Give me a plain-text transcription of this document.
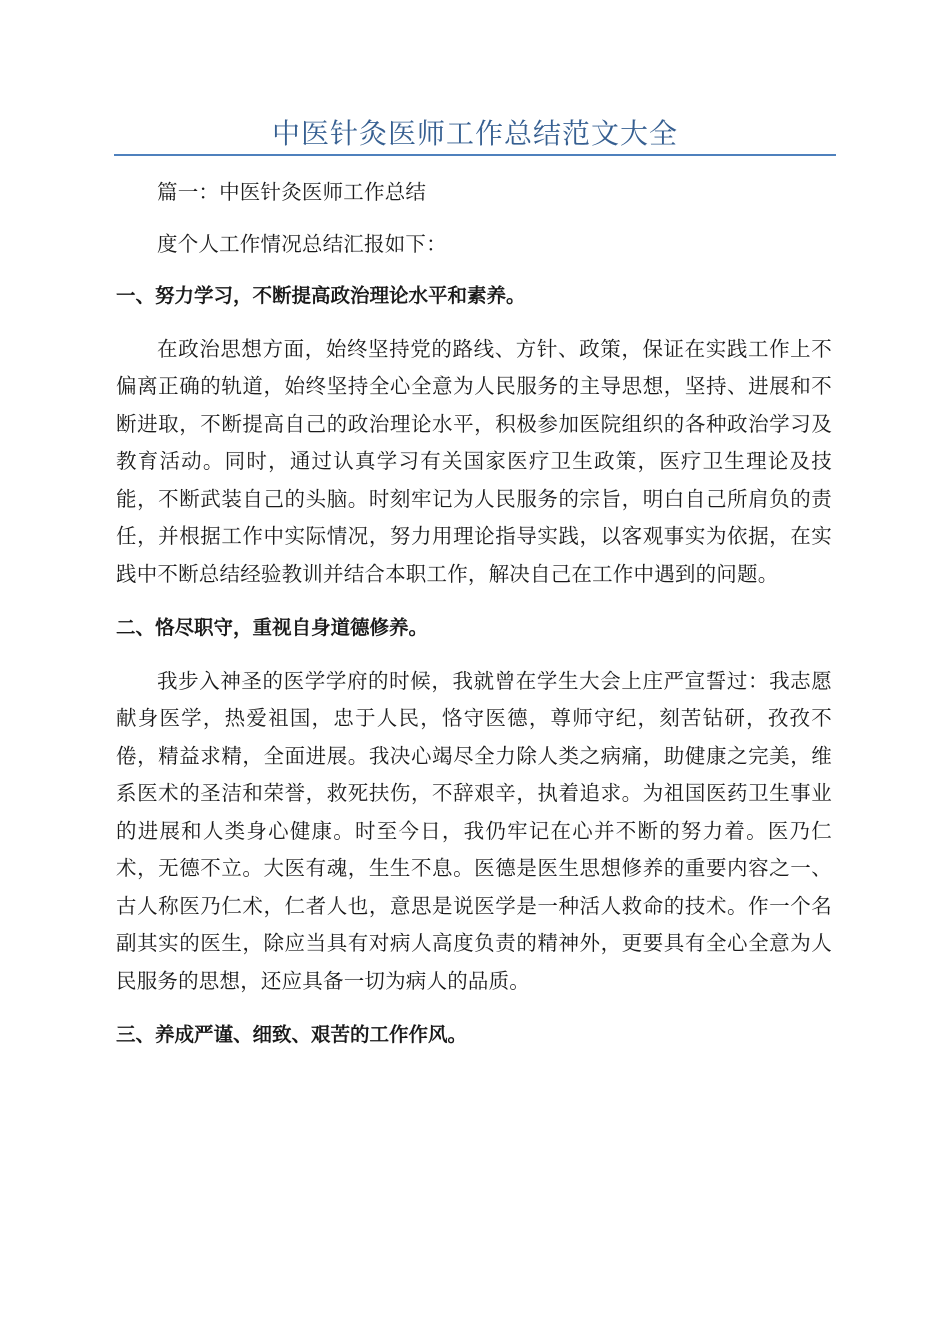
中医针灸医师工作总结范文大全

篇一：中医针灸医师工作总结

度个人工作情况总结汇报如下：

一、努力学习，不断提高政治理论水平和素养。

在政治思想方面，始终坚持党的路线、方针、政策，保证在实践工作上不偏离正确的轨道，始终坚持全心全意为人民服务的主导思想，坚持、进展和不断进取，不断提高自己的政治理论水平，积极参加医院组织的各种政治学习及教育活动。同时，通过认真学习有关国家医疗卫生政策，医疗卫生理论及技能，不断武装自己的头脑。时刻牢记为人民服务的宗旨，明白自己所肩负的责任，并根据工作中实际情况，努力用理论指导实践，以客观事实为依据，在实践中不断总结经验教训并结合本职工作，解决自己在工作中遇到的问题。

二、恪尽职守，重视自身道德修养。

我步入神圣的医学学府的时候，我就曾在学生大会上庄严宣誓过：我志愿献身医学，热爱祖国，忠于人民，恪守医德，尊师守纪，刻苦钻研，孜孜不倦，精益求精，全面进展。我决心竭尽全力除人类之病痛，助健康之完美，维系医术的圣洁和荣誉，救死扶伤，不辞艰辛，执着追求。为祖国医药卫生事业的进展和人类身心健康。时至今日，我仍牢记在心并不断的努力着。医乃仁术，无德不立。大医有魂，生生不息。医德是医生思想修养的重要内容之一、古人称医乃仁术，仁者人也，意思是说医学是一种活人救命的技术。作一个名副其实的医生，除应当具有对病人高度负责的精神外，更要具有全心全意为人民服务的思想，还应具备一切为病人的品质。

三、养成严谨、细致、艰苦的工作作风。
